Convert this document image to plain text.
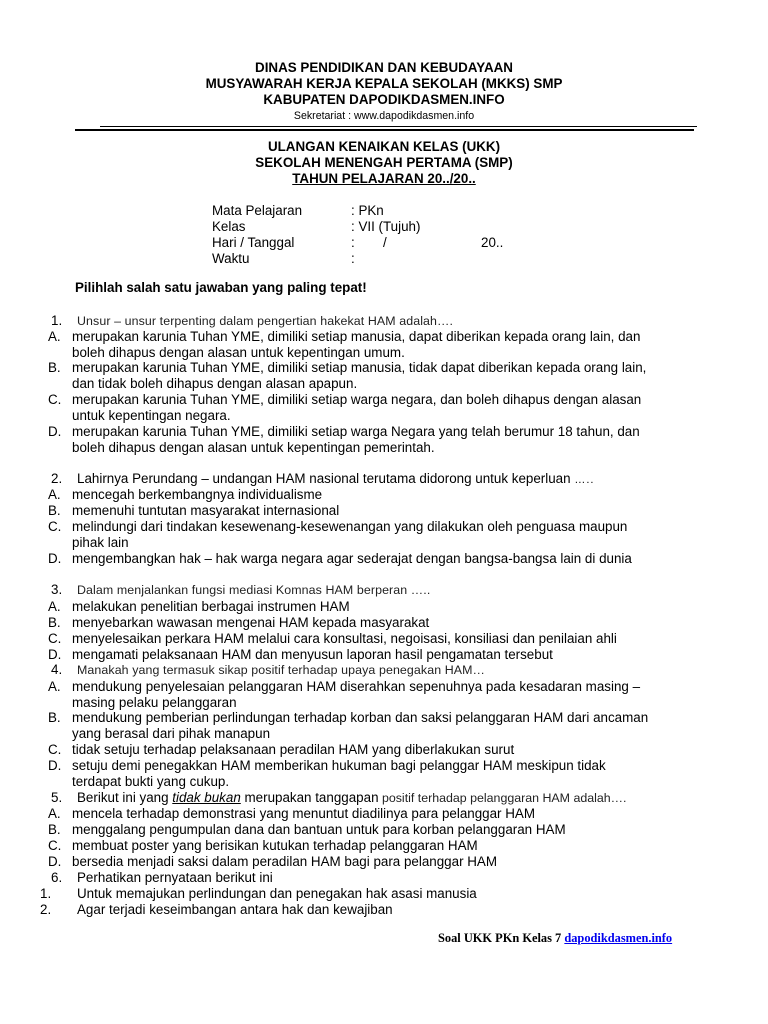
DINAS PENDIDIKAN DAN KEBUDAYAAN
MUSYAWARAH KERJA KEPALA SEKOLAH (MKKS) SMP
KABUPATEN DAPODIKDASMEN.INFO
Sekretariat : www.dapodikdasmen.info
ULANGAN KENAIKAN KELAS (UKK)
SEKOLAH MENENGAH PERTAMA (SMP)
TAHUN PELAJARAN 20../20..
Mata Pelajaran	: PKn
Kelas	: VII (Tujuh)
Hari / Tanggal	: /	20..
Waktu	:
Pilihlah salah satu jawaban yang paling tepat!
1. Unsur – unsur terpenting dalam pengertian hakekat HAM adalah….
A. merupakan karunia Tuhan YME, dimiliki setiap manusia, dapat diberikan kepada orang lain, dan
boleh dihapus dengan alasan untuk kepentingan umum.
B. merupakan karunia Tuhan YME, dimiliki setiap manusia, tidak dapat diberikan kepada orang lain,
dan tidak boleh dihapus dengan alasan apapun.
C. merupakan karunia Tuhan YME, dimiliki setiap warga negara, dan boleh dihapus dengan alasan
untuk kepentingan negara.
D. merupakan karunia Tuhan YME, dimiliki setiap warga Negara yang telah berumur 18 tahun, dan
boleh dihapus dengan alasan untuk kepentingan pemerintah.
2. Lahirnya Perundang – undangan HAM nasional terutama didorong untuk keperluan …..
A. mencegah berkembangnya individualisme
B. memenuhi tuntutan masyarakat internasional
C. melindungi dari tindakan kesewenang-kesewenangan yang dilakukan oleh penguasa maupun
pihak lain
D. mengembangkan hak – hak warga negara agar sederajat dengan bangsa-bangsa lain di dunia
3. Dalam menjalankan fungsi mediasi Komnas HAM berperan …..
A. melakukan penelitian berbagai instrumen HAM
B. menyebarkan wawasan mengenai HAM kepada masyarakat
C. menyelesaikan perkara HAM melalui cara konsultasi, negoisasi, konsiliasi dan penilaian ahli
D. mengamati pelaksanaan HAM dan menyusun laporan hasil pengamatan tersebut
4. Manakah yang termasuk sikap positif terhadap upaya penegakan HAM…
A. mendukung penyelesaian pelanggaran HAM diserahkan sepenuhnya pada kesadaran masing –
masing pelaku pelanggaran
B. mendukung pemberian perlindungan terhadap korban dan saksi pelanggaran HAM dari ancaman
yang berasal dari pihak manapun
C. tidak setuju terhadap pelaksanaan peradilan HAM yang diberlakukan surut
D. setuju demi penegakkan HAM memberikan hukuman bagi pelanggar HAM meskipun tidak
terdapat bukti yang cukup.
5. Berikut ini yang tidak bukan merupakan tanggapan positif terhadap pelanggaran HAM adalah….
A. mencela terhadap demonstrasi yang menuntut diadilinya para pelanggar HAM
B. menggalang pengumpulan dana dan bantuan untuk para korban pelanggaran HAM
C. membuat poster yang berisikan kutukan terhadap pelanggaran HAM
D. bersedia menjadi saksi dalam peradilan HAM bagi para pelanggar HAM
6. Perhatikan pernyataan berikut ini
1. Untuk memajukan perlindungan dan penegakan hak asasi manusia
2. Agar terjadi keseimbangan antara hak dan kewajiban
Soal UKK PKn Kelas 7 dapodikdasmen.info
